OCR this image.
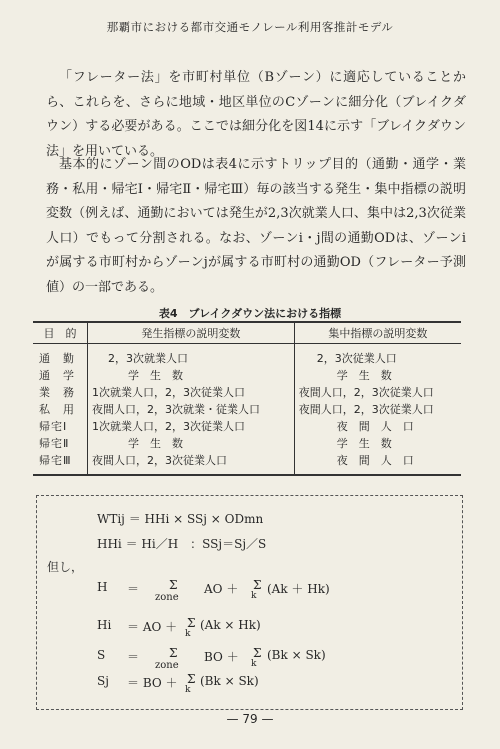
那覇市における都市交通モノレール利用客推計モデル
「フレーター法」を市町村単位（Bゾーン）に適応していることから、これらを、さらに地域・地区単位のCゾーンに細分化（ブレイクダウン）する必要がある。ここでは細分化を図14に示す「ブレイクダウン法」を用いている。
基本的にゾーン間のODは表4に示すトリップ目的（通勤・通学・業務・私用・帰宅Ⅰ・帰宅Ⅱ・帰宅Ⅲ）毎の該当する発生・集中指標の説明変数（例えば、通勤においては発生が2,3次就業人口、集中は2,3次従業人口）でもって分割される。なお、ゾーンi・j間の通勤ODは、ゾーンiが属する市町村からゾーンjが属する市町村の通勤OD（フレーター予測値）の一部である。
表4　ブレイクダウン法における指標
目　的	発生指標の説明変数	集中指標の説明変数
通　勤	2，3次就業人口	2，3次従業人口
通　学	学　生　数	学　生　数
業　務	1次就業人口，2，3次従業人口	夜間人口，2，3次従業人口
私　用	夜間人口，2，3次就業・従業人口	夜間人口，2，3次従業人口
帰宅Ⅰ	1次就業人口，2，3次従業人口	夜　間　人　口
帰宅Ⅱ	学　生　数	学　生　数
帰宅Ⅲ	夜間人口，2，3次従業人口	夜　間　人　口
WTij ＝ HHi × SSj × ODmn
HHi ＝ Hi／H　：SSj＝Sj／S
但し，
H ＝ Σ
zone
AO ＋ Σ
k (Ak ＋ Hk)
Hi ＝ AO ＋ Σ
k
(Ak × Hk)
S ＝ Σ
zone
BO ＋ Σ
k
(Bk × Sk)
Sj ＝ BO ＋ Σ
k
(Bk × Sk)
— 79 —
